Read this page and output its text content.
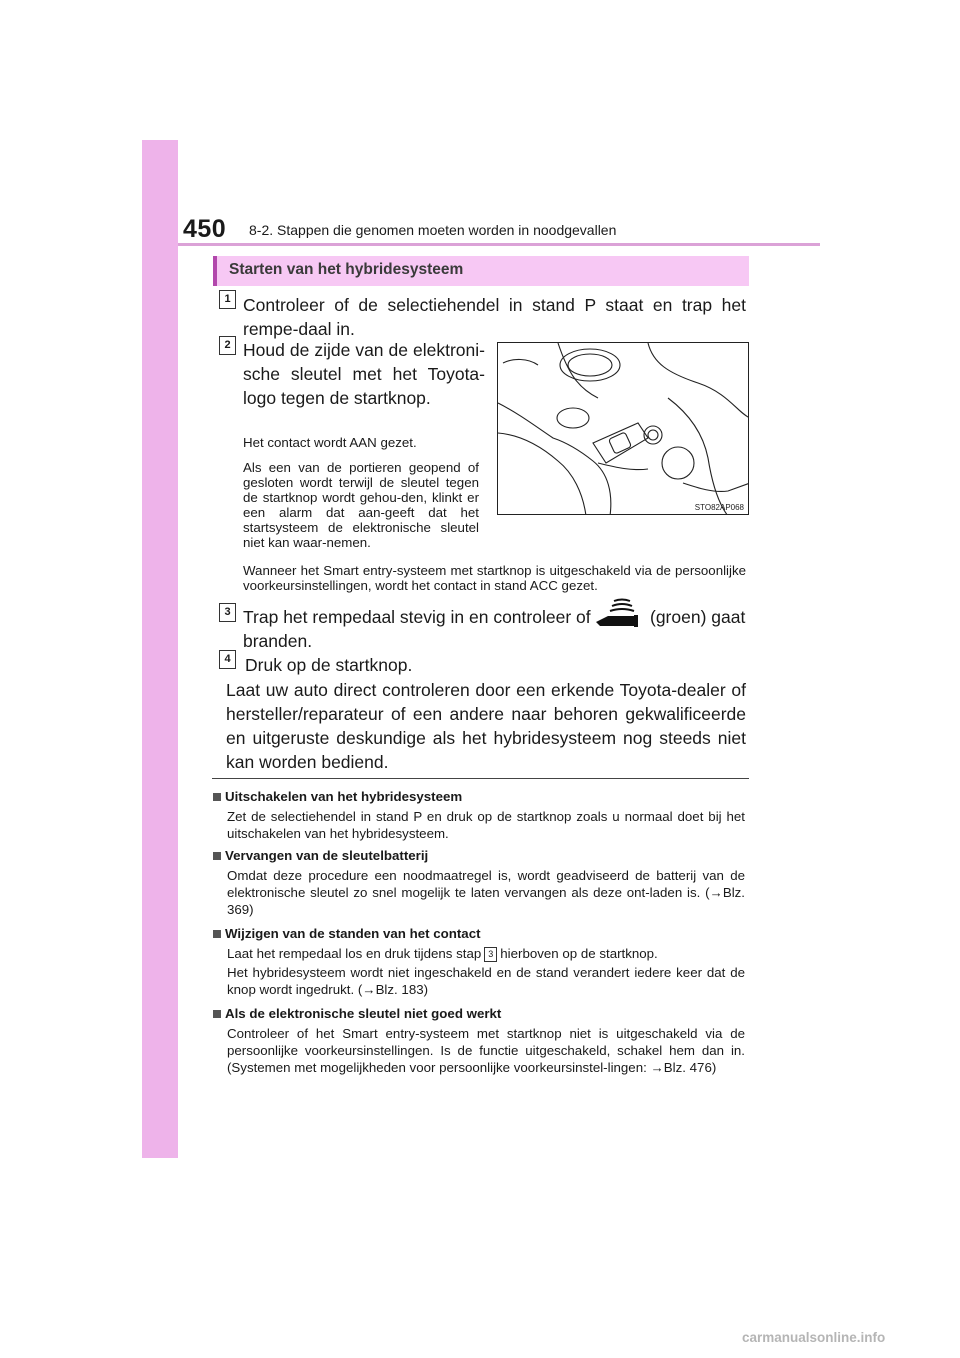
450 8-2. Stappen die genomen moeten worden in noodgevallen
Starten van het hybridesysteem
1 Controleer of de selectiehendel in stand P staat en trap het rempe-daal in.
2 Houd de zijde van de elektroni-
sche sleutel met het Toyota-
logo tegen de startknop.
Het contact wordt AAN gezet.
Als een van de portieren geopend of gesloten wordt terwijl de sleutel tegen de startknop wordt gehou-den, klinkt er een alarm dat aan-geeft dat het startsysteem de elektronische sleutel niet kan waar-nemen.
Wanneer het Smart entry-systeem met startknop is uitgeschakeld via de persoonlijke voorkeursinstellingen, wordt het contact in stand ACC gezet.
STO82AP068
3 Trap het rempedaal stevig in en controleer of	(groen) gaat
branden.
4 Druk op de startknop.
Laat uw auto direct controleren door een erkende Toyota-dealer of hersteller/reparateur of een andere naar behoren gekwalificeerde en uitgeruste deskundige als het hybridesysteem nog steeds niet kan worden bediend.
Uitschakelen van het hybridesysteem
Zet de selectiehendel in stand P en druk op de startknop zoals u normaal doet bij het uitschakelen van het hybridesysteem.
Vervangen van de sleutelbatterij
Omdat deze procedure een noodmaatregel is, wordt geadviseerd de batterij van de elektronische sleutel zo snel mogelijk te laten vervangen als deze ont-laden is. (→Blz. 369)
Wijzigen van de standen van het contact
Laat het rempedaal los en druk tijdens stap 3 hierboven op de startknop.
Het hybridesysteem wordt niet ingeschakeld en de stand verandert iedere keer dat de knop wordt ingedrukt. (→Blz. 183)
Als de elektronische sleutel niet goed werkt
Controleer of het Smart entry-systeem met startknop niet is uitgeschakeld via de persoonlijke voorkeursinstellingen. Is de functie uitgeschakeld, schakel hem dan in. (Systemen met mogelijkheden voor persoonlijke voorkeursinstel-lingen: →Blz. 476)
carmanualsonline.info
